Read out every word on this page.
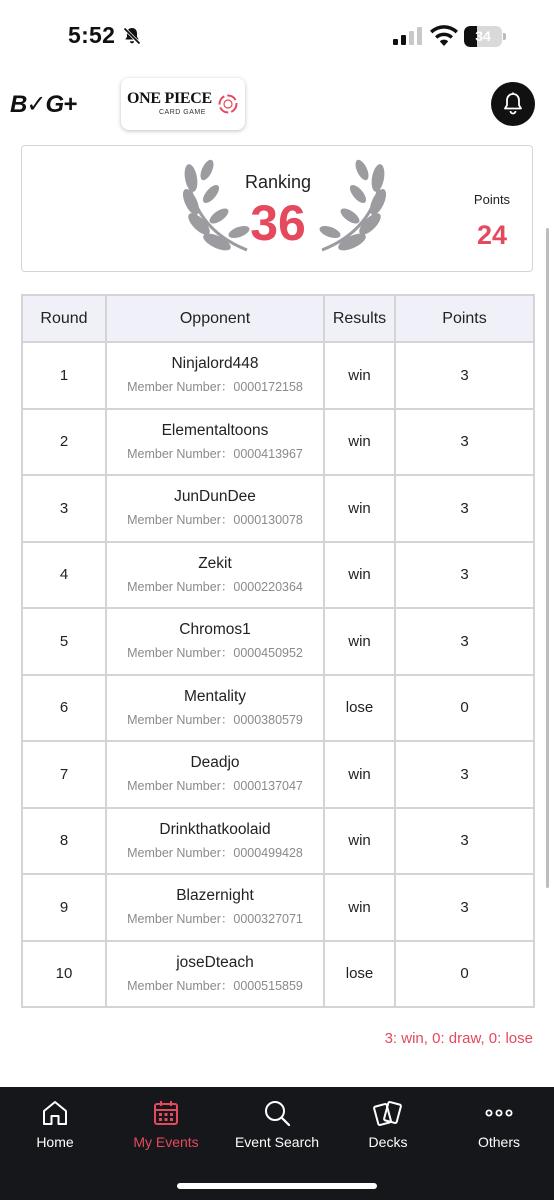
5:52	34
B✓G+	ONE PIECE
CARD GAME
Ranking
36	Points
24
Round	Opponent	Results	Points
1	Ninjalord448
Member Number：0000172158	win	3
2	Elementaltoons
Member Number：0000413967	win	3
3	JunDunDee
Member Number：0000130078	win	3
4	Zekit
Member Number：0000220364	win	3
5	Chromos1
Member Number：0000450952	win	3
6	Mentality
Member Number：0000380579	lose	0
7	Deadjo
Member Number：0000137047	win	3
8	Drinkthatkoolaid
Member Number：0000499428	win	3
9	Blazernight
Member Number：0000327071	win	3
10	joseDteach
Member Number：0000515859	lose	0
3: win, 0: draw, 0: lose
Home	My Events	Event Search	Decks	Others
